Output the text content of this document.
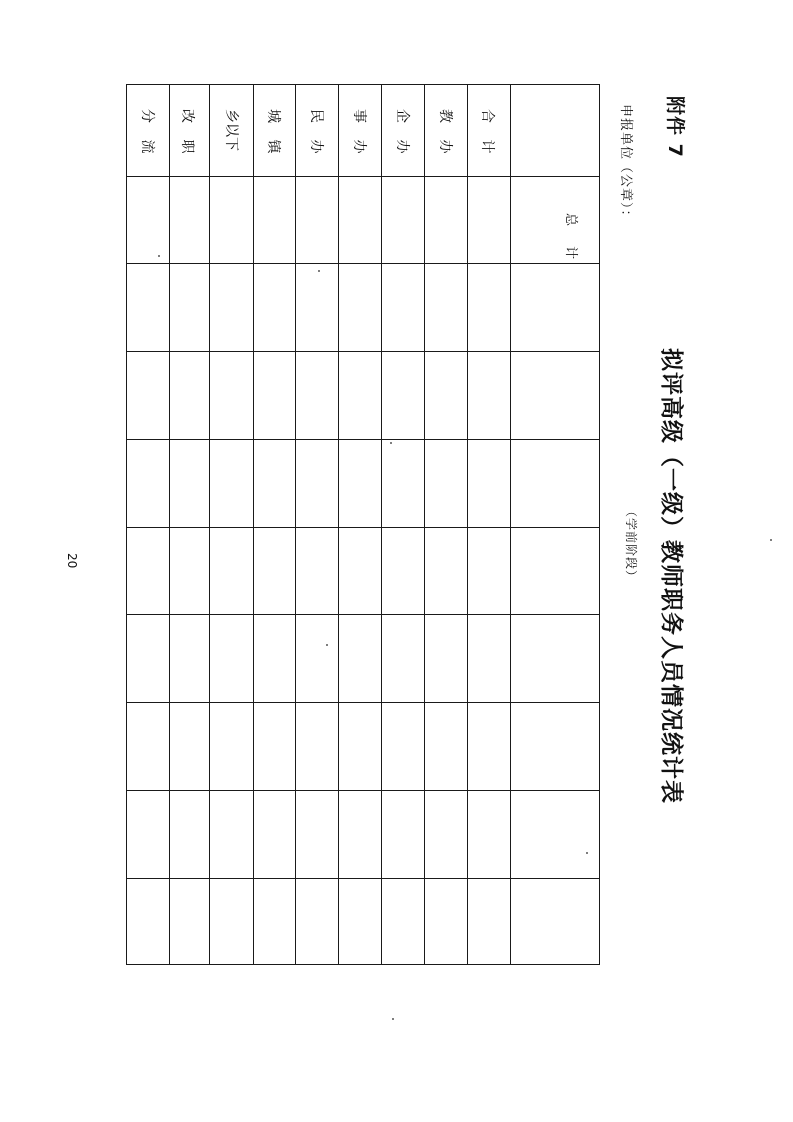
附件 7
申报单位（公章）：
拟评高级（一级）教师职务人员情况统计表
（学前阶段）
20
总 计
合 计
教 办
企 办
事 办
民 办
城 镇
乡以下
改 职
分 流
